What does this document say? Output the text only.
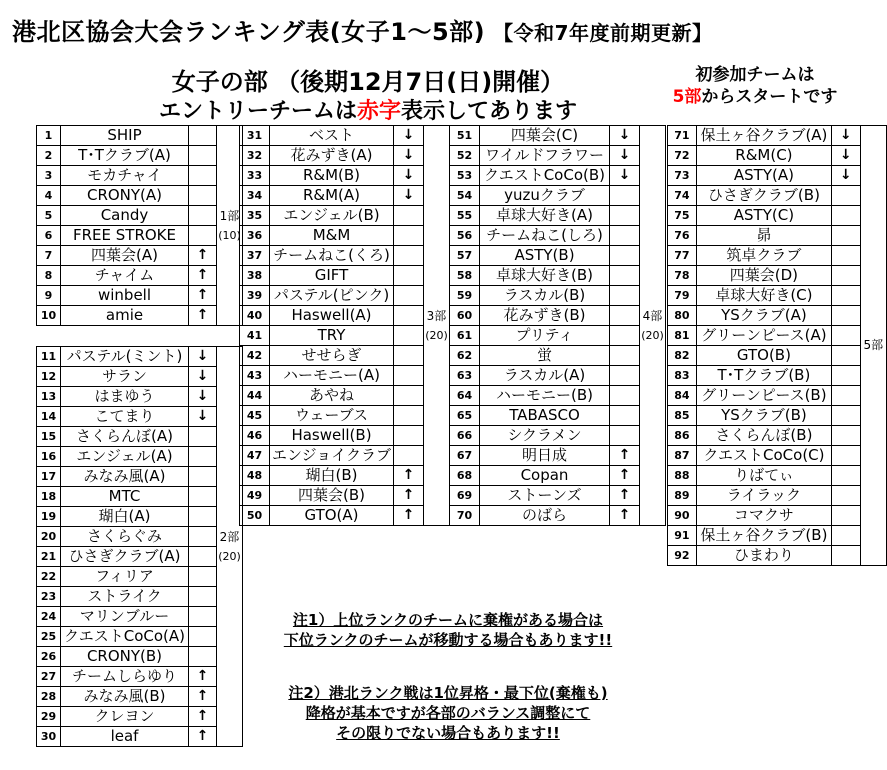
港北区協会大会ランキング表(女子1～5部) 【令和7年度前期更新】
女子の部 （後期12月7日(日)開催）
エントリーチームは赤字表示してあります
初参加チームは
5部からスタートです
1	SHIP		1部
(10)

2	T･Tクラブ(A)		
3	モカチャイ		
4	CRONY(A)		
5	Candy		
6	FREE STROKE		
7	四葉会(A)	↑	
8	チャイム	↑	
9	winbell	↑	
10	amie	↑	
11	パステル(ミント)	↓	2部
(20)

12	サラン	↓	
13	はまゆう	↓	
14	こてまり	↓	
15	さくらんぼ(A)		
16	エンジェル(A)		
17	みなみ風(A)		
18	MTC		
19	瑚白(A)		
20	さくらぐみ		
21	ひさぎクラブ(A)		
22	フィリア		
23	ストライク		
24	マリンブルー		
25	クエストCoCo(A)		
26	CRONY(B)		
27	チームしらゆり	↑	
28	みなみ風(B)	↑	
29	クレヨン	↑	
30	leaf	↑	
31	ベスト	↓	3部
(20)

32	花みずき(A)	↓	
33	R&M(B)	↓	
34	R&M(A)	↓	
35	エンジェル(B)		
36	M&M		
37	チームねこ(くろ)		
38	GIFT		
39	パステル(ピンク)		
40	Haswell(A)		
41	TRY		
42	せせらぎ		
43	ハーモニー(A)		
44	あやね		
45	ウェーブス		
46	Haswell(B)		
47	エンジョイクラブ		
48	瑚白(B)	↑	
49	四葉会(B)	↑	
50	GTO(A)	↑	
51	四葉会(C)	↓	4部
(20)

52	ワイルドフラワー	↓	
53	クエストCoCo(B)	↓	
54	yuzuクラブ		
55	卓球大好き(A)		
56	チームねこ(しろ)		
57	ASTY(B)		
58	卓球大好き(B)		
59	ラスカル(B)		
60	花みずき(B)		
61	プリティ		
62	蛍		
63	ラスカル(A)		
64	ハーモニー(B)		
65	TABASCO		
66	シクラメン		
67	明日成	↑	
68	Copan	↑	
69	ストーンズ	↑	
70	のばら	↑	
71	保土ヶ谷クラブ(A)	↓	5部

72	R&M(C)	↓	
73	ASTY(A)	↓	
74	ひさぎクラブ(B)		
75	ASTY(C)		
76	昴		
77	筑卓クラブ		
78	四葉会(D)		
79	卓球大好き(C)		
80	YSクラブ(A)		
81	グリーンピース(A)		
82	GTO(B)		
83	T･Tクラブ(B)		
84	グリーンピース(B)		
85	YSクラブ(B)		
86	さくらんぼ(B)		
87	クエストCoCo(C)		
88	りばてぃ		
89	ライラック		
90	コマクサ		
91	保土ヶ谷クラブ(B)		
92	ひまわり		
注1）上位ランクのチームに棄権がある場合は
下位ランクのチームが移動する場合もあります!!
注2）港北ランク戦は1位昇格・最下位(棄権も)
降格が基本ですが各部のバランス調整にて
その限りでない場合もあります!!
